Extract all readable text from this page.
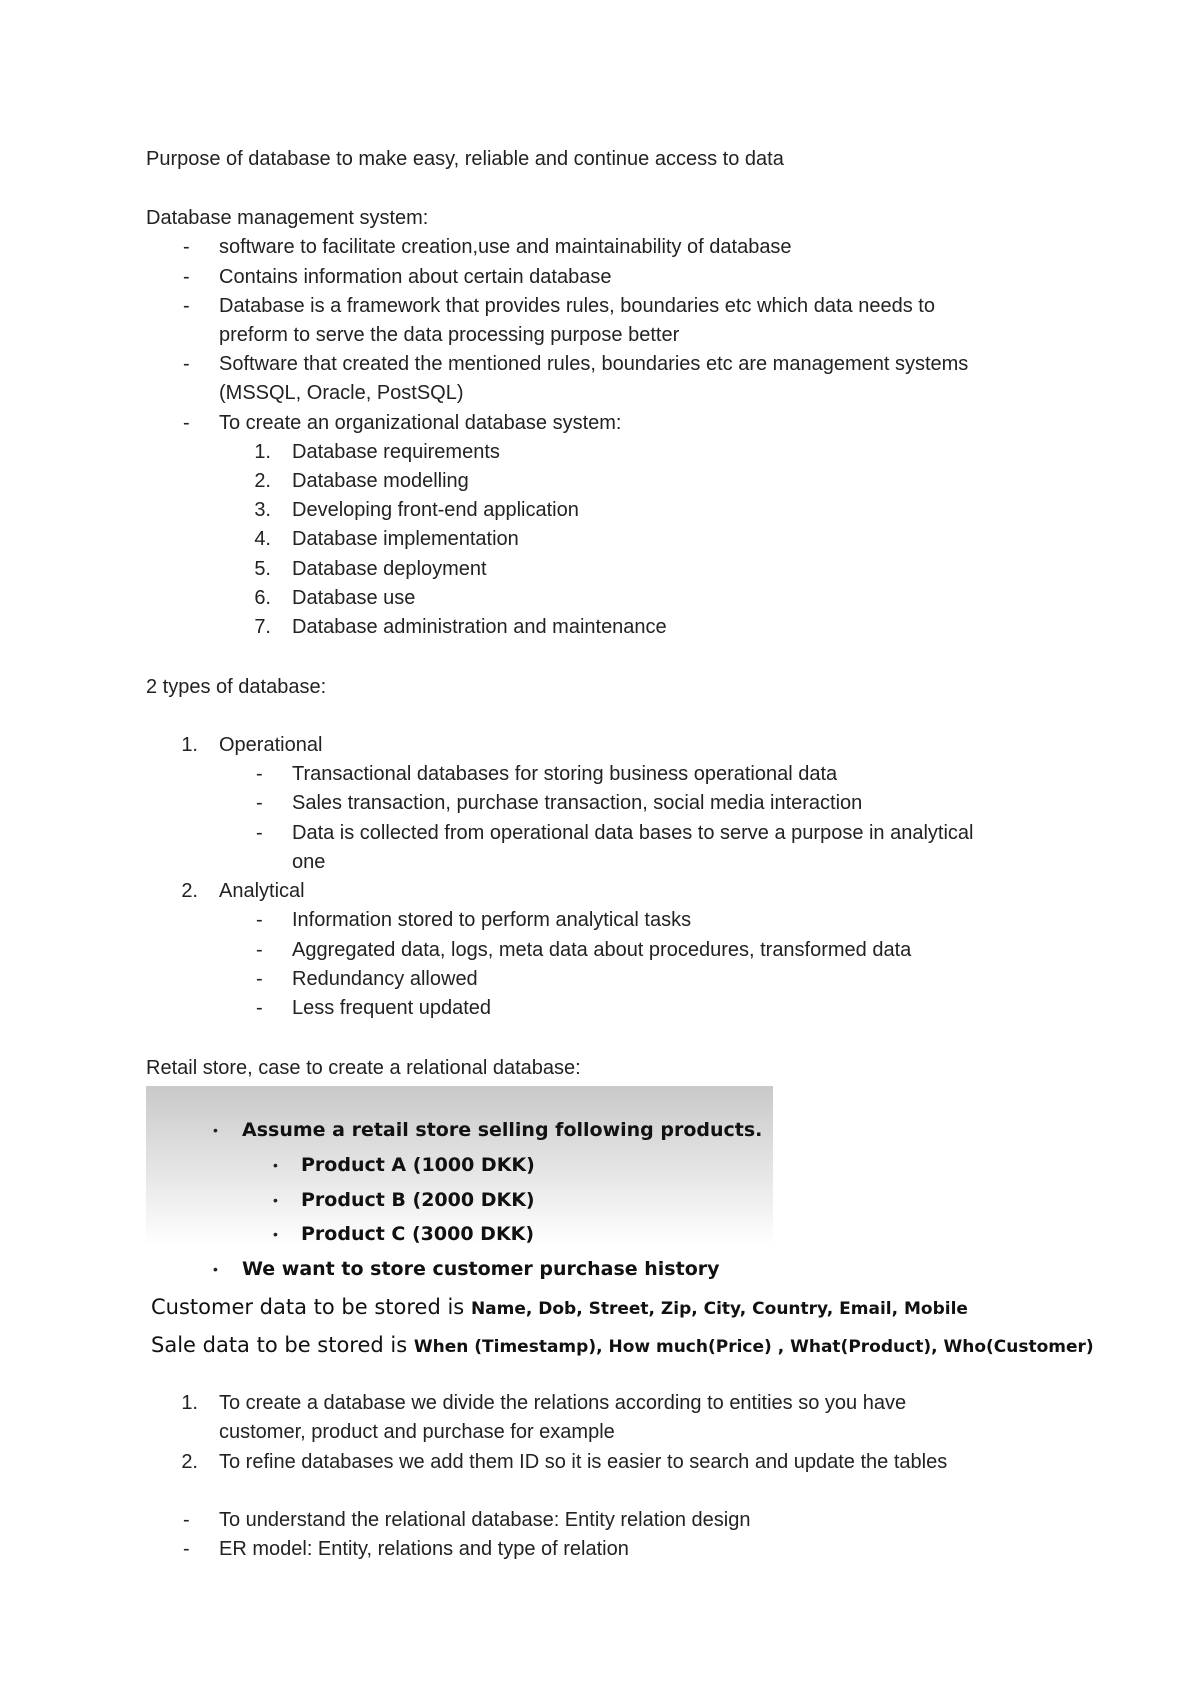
Purpose of database to make easy, reliable and continue access to data
Database management system:
- software to facilitate creation,use and maintainability of database
- Contains information about certain database
- Database is a framework that provides rules, boundaries etc which data needs to
preform to serve the data processing purpose better
- Software that created the mentioned rules, boundaries etc are management systems
(MSSQL, Oracle, PostSQL)
- To create an organizational database system:
1. Database requirements
2. Database modelling
3. Developing front-end application
4. Database implementation
5. Database deployment
6. Database use
7. Database administration and maintenance
2 types of database:
1. Operational
- Transactional databases for storing business operational data
- Sales transaction, purchase transaction, social media interaction
- Data is collected from operational data bases to serve a purpose in analytical
one
2. Analytical
- Information stored to perform analytical tasks
- Aggregated data, logs, meta data about procedures, transformed data
- Redundancy allowed
- Less frequent updated
Retail store, case to create a relational database:
• Assume a retail store selling following products.
• Product A (1000 DKK)
• Product B (2000 DKK)
• Product C (3000 DKK)
• We want to store customer purchase history
Customer data to be stored is Name, Dob, Street, Zip, City, Country, Email, Mobile
Sale data to be stored is When (Timestamp), How much(Price) , What(Product), Who(Customer)
1. To create a database we divide the relations according to entities so you have
customer, product and purchase for example
2. To refine databases we add them ID so it is easier to search and update the tables
- To understand the relational database: Entity relation design
- ER model: Entity, relations and type of relation
